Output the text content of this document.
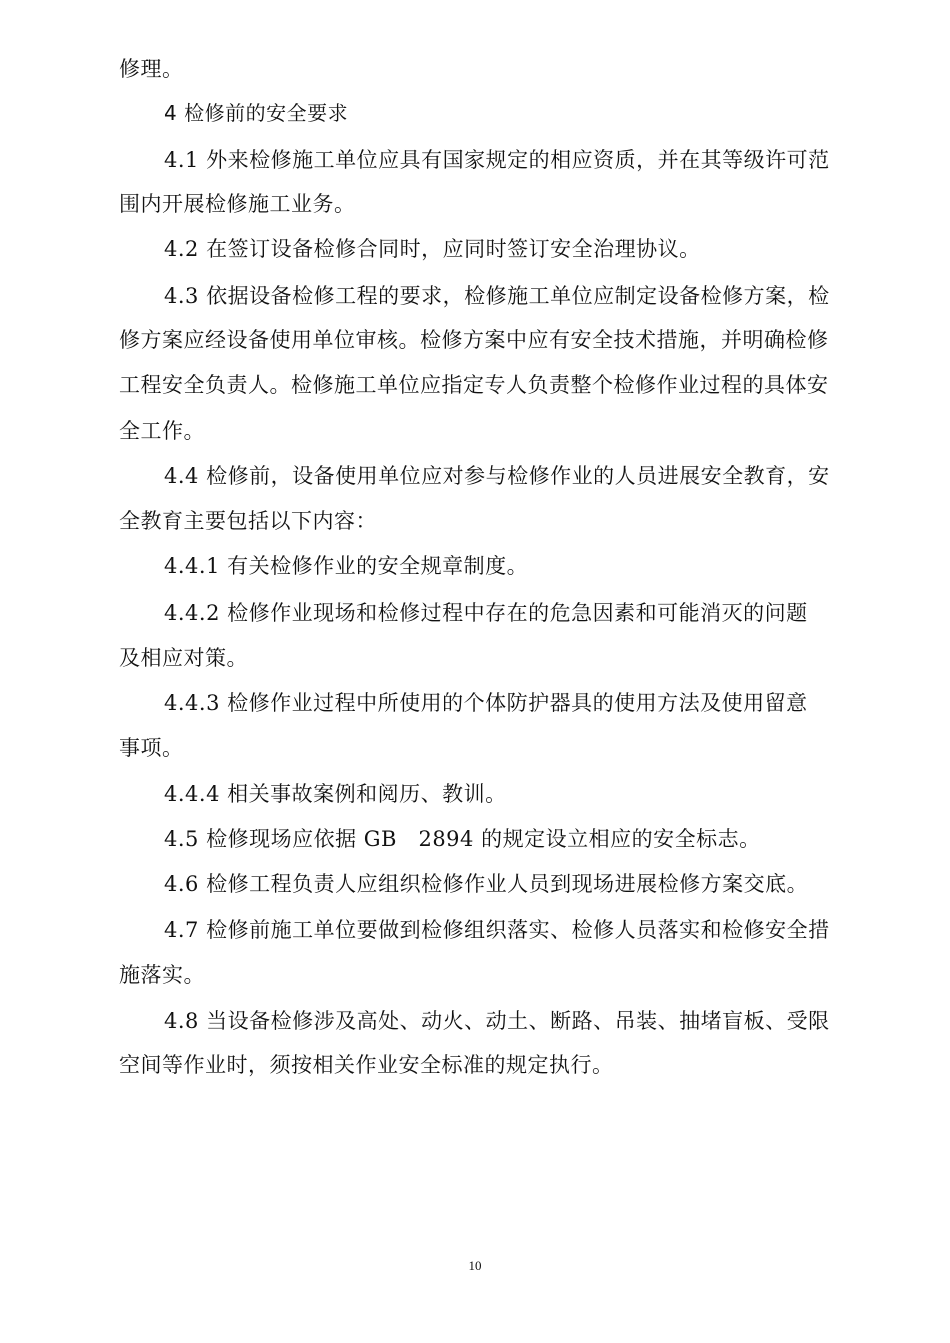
修理。
4 检修前的安全要求
4.1 外来检修施工单位应具有国家规定的相应资质，并在其等级许可范
围内开展检修施工业务。
4.2 在签订设备检修合同时，应同时签订安全治理协议。
4.3 依据设备检修工程的要求，检修施工单位应制定设备检修方案，检
修方案应经设备使用单位审核。检修方案中应有安全技术措施，并明确检修
工程安全负责人。检修施工单位应指定专人负责整个检修作业过程的具体安
全工作。
4.4 检修前，设备使用单位应对参与检修作业的人员进展安全教育，安
全教育主要包括以下内容：
4.4.1 有关检修作业的安全规章制度。
4.4.2 检修作业现场和检修过程中存在的危急因素和可能消灭的问题
及相应对策。
4.4.3 检修作业过程中所使用的个体防护器具的使用方法及使用留意
事项。
4.4.4 相关事故案例和阅历、教训。
4.5 检修现场应依据 GB　2894 的规定设立相应的安全标志。
4.6 检修工程负责人应组织检修作业人员到现场进展检修方案交底。
4.7 检修前施工单位要做到检修组织落实、检修人员落实和检修安全措
施落实。
4.8 当设备检修涉及高处、动火、动土、断路、吊装、抽堵盲板、受限
空间等作业时，须按相关作业安全标准的规定执行。
10
